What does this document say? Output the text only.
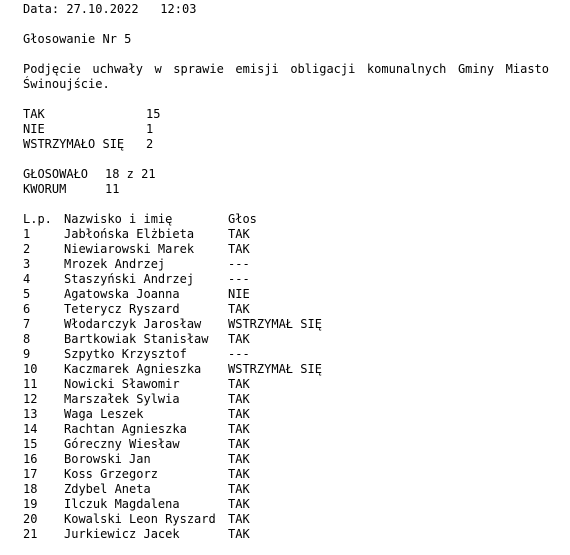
Data: 27.10.2022 12:03
Głosowanie Nr 5
Podjęcie uchwały w sprawie emisji obligacji komunalnych Gminy Miasto Świnoujście.
TAK	15
NIE	1
WSTRZYMAŁO SIĘ 2
GŁOSOWAŁO 18 z 21
KWORUM	11
L.p. Nazwisko i imię	Głos
1	Jabłońska Elżbieta	TAK
2	Niewiarowski Marek	TAK
3	Mrozek Andrzej	---
4	Staszyński Andrzej	---
5	Agatowska Joanna	NIE
6	Teterycz Ryszard	TAK
7	Włodarczyk Jarosław WSTRZYMAŁ SIĘ
8	Bartkowiak Stanisław TAK
9	Szpytko Krzysztof	---
10 Kaczmarek Agnieszka WSTRZYMAŁ SIĘ
11 Nowicki Sławomir	TAK
12 Marszałek Sylwia	TAK
13 Waga Leszek	TAK
14 Rachtan Agnieszka	TAK
15 Góreczny Wiesław	TAK
16 Borowski Jan	TAK
17 Koss Grzegorz	TAK
18 Zdybel Aneta	TAK
19 Ilczuk Magdalena	TAK
20 Kowalski Leon Ryszard TAK
21 Jurkiewicz Jacek	TAK
